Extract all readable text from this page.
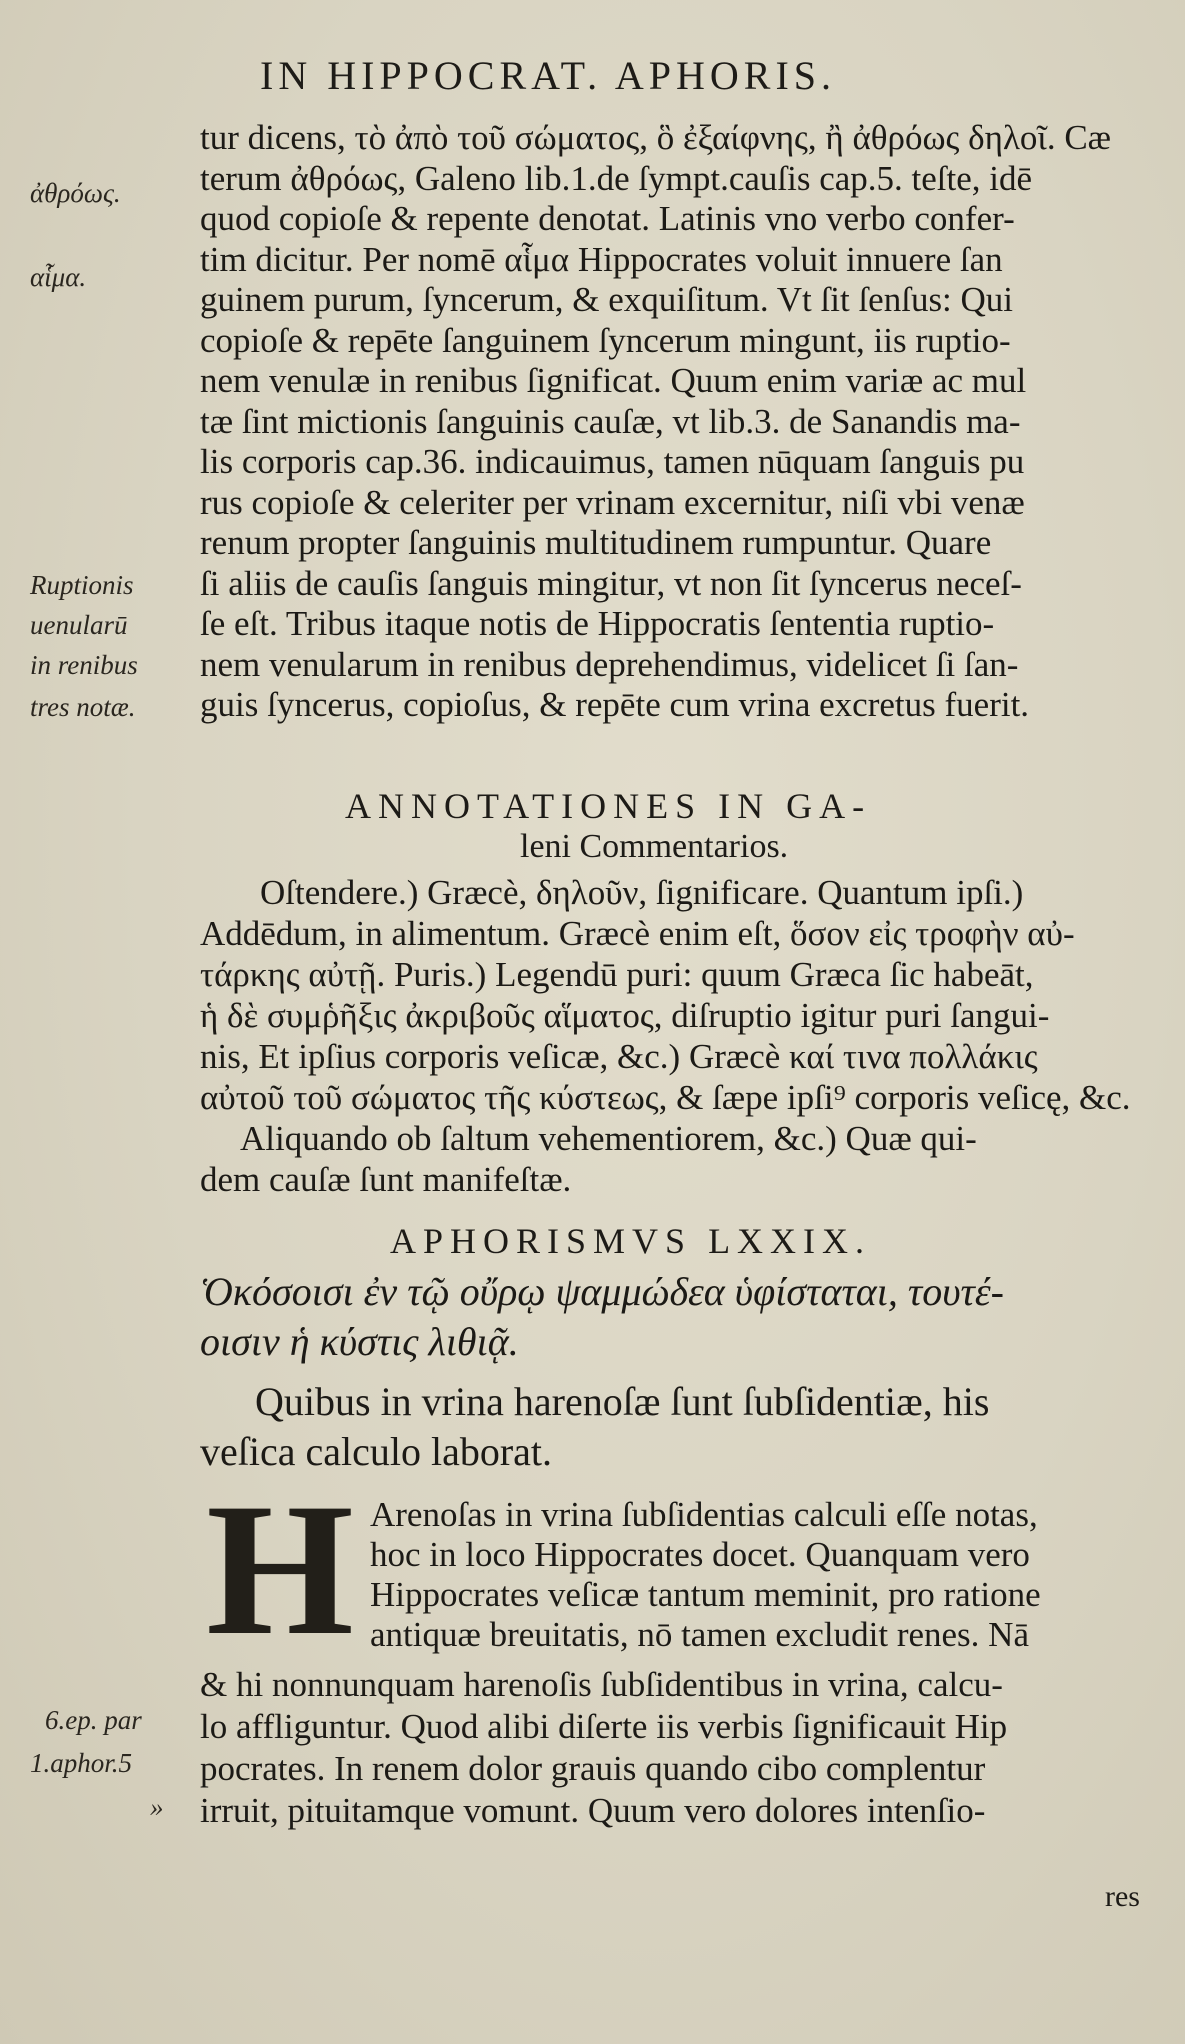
IN HIPPOCRAT. APHORIS.
ἀθρόως.
αἷμα.
Ruptionis
uenularū
in renibus
tres notæ.
6.ep. par
1.aphor.5
»
tur dicens, τὸ ἀπὸ τοῦ σώματος, ὃ ἐξαίφνης, ἢ ἀθρόως δηλοῖ. Cæ
terum ἀθρόως, Galeno lib.1.de ſympt.cauſis cap.5. teſte, idē
quod copioſe & repente denotat. Latinis vno verbo confer-
tim dicitur. Per nomē αἷμα Hippocrates voluit innuere ſan
guinem purum, ſyncerum, & exquiſitum. Vt ſit ſenſus: Qui
copioſe & repēte ſanguinem ſyncerum mingunt, iis ruptio-
nem venulæ in renibus ſignificat. Quum enim variæ ac mul
tæ ſint mictionis ſanguinis cauſæ, vt lib.3. de Sanandis ma-
lis corporis cap.36. indicauimus, tamen nūquam ſanguis pu
rus copioſe & celeriter per vrinam excernitur, niſi vbi venæ
renum propter ſanguinis multitudinem rumpuntur. Quare
ſi aliis de cauſis ſanguis mingitur, vt non ſit ſyncerus neceſ-
ſe eſt. Tribus itaque notis de Hippocratis ſententia ruptio-
nem venularum in renibus deprehendimus, videlicet ſi ſan-
guis ſyncerus, copioſus, & repēte cum vrina excretus fuerit.
ANNOTATIONES IN GA-
leni Commentarios.
Oſtendere.) Græcè, δηλοῦν, ſignificare. Quantum ipſi.)
Addēdum, in alimentum. Græcè enim eſt, ὅσον εἰς τροφὴν αὐ-
τάρκης αὐτῇ. Puris.) Legendū puri: quum Græca ſic habeāt,
ἡ δὲ συμῥῆξις ἀκριβοῦς αἵματος, diſruptio igitur puri ſangui-
nis, Et ipſius corporis veſicæ, &c.) Græcè καί τινα πολλάκις
αὐτοῦ τοῦ σώματος τῆς κύστεως, & ſæpe ipſi⁹ corporis veſicę, &c.
Aliquando ob ſaltum vehementiorem, &c.) Quæ qui-
dem cauſæ ſunt manifeſtæ.
APHORISMVS LXXIX.
Ὁκόσοισι ἐν τῷ οὔρῳ ψαμμώδεα ὑφίσταται, τουτέ-
οισιν ἡ κύστις λιθιᾷ.
Quibus in vrina harenoſæ ſunt ſubſidentiæ, his
veſica calculo laborat.
H Arenoſas in vrina ſubſidentias calculi eſſe notas,
hoc in loco Hippocrates docet. Quanquam vero
Hippocrates veſicæ tantum meminit, pro ratione
antiquæ breuitatis, nō tamen excludit renes. Nā
& hi nonnunquam harenoſis ſubſidentibus in vrina, calcu-
lo affliguntur. Quod alibi diſerte iis verbis ſignificauit Hip
pocrates. In renem dolor grauis quando cibo complentur
irruit, pituitamque vomunt. Quum vero dolores intenſio-
res
